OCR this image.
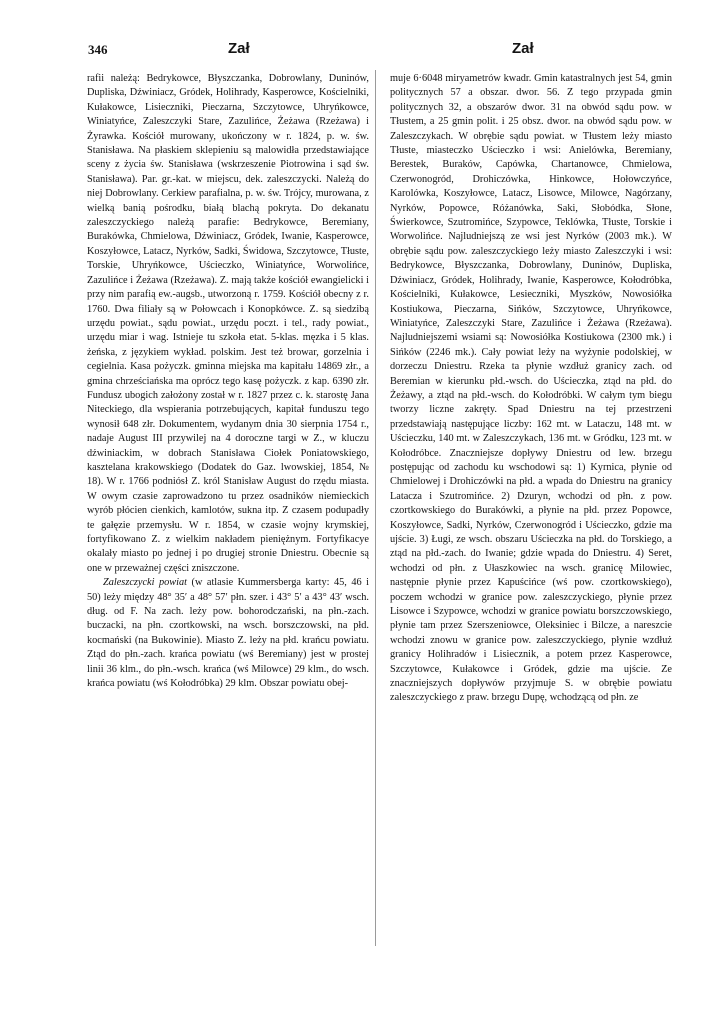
346	Zał	Zał

rafii należą: Bedrykowce, Błyszczanka, Dobrowlany, Duninów, Dupliska, Dźwiniacz, Gródek, Holihrady, Kasperowce, Kościelniki, Kułakowce, Lisieczniki, Pieczarna, Szczytowce, Uhryńkowce, Winiatyńce, Zaleszczyki Stare, Zazulińce, Żeżawa (Rzeżawa) i Żyrawka. Kościół murowany, ukończony w r. 1824, p. w. św. Stanisława. Na płaskiem sklepieniu są malowidła przedstawiające sceny z życia św. Stanisława (wskrzeszenie Piotrowina i sąd św. Stanisława). Par. gr.-kat. w miejscu, dek. zaleszczycki. Należą do niej Dobrowlany. Cerkiew parafialna, p. w. św. Trójcy, murowana, z wielką banią pośrodku, białą blachą pokryta. Do dekanatu zaleszczyckiego należą parafie: Bedrykowce, Beremiany, Burakówka, Chmielowa, Dźwiniacz, Gródek, Iwanie, Kasperowce, Koszyłowce, Latacz, Nyrków, Sadki, Świdowa, Szczytowce, Tłuste, Torskie, Uhryńkowce, Uścieczko, Winiatyńce, Worwolińce, Zazulińce i Żeżawa (Rzeżawa). Z. mają także kościół ewangielicki i przy nim parafią ew.-augsb., utworzoną r. 1759. Kościół obecny z r. 1760. Dwa filiały są w Połowcach i Konopkówce. Z. są siedzibą urzędu powiat., sądu powiat., urzędu poczt. i tel., rady powiat., urzędu miar i wag. Istnieje tu szkoła etat. 5-klas. męzka i 5 klas. żeńska, z językiem wykład. polskim. Jest też browar, gorzelnia i cegielnia. Kasa pożyczk. gminna miejska ma kapitału 14869 złr., a gmina chrześciańska ma oprócz tego kasę pożyczk. z kap. 6390 złr. Fundusz ubogich założony został w r. 1827 przez c. k. starostę Jana Niteckiego, dla wspierania potrzebujących, kapitał funduszu tego wynosił 648 złr. Dokumentem, wydanym dnia 30 sierpnia 1754 r., nadaje August III przywilej na 4 doroczne targi w Z., w kluczu dźwiniackim, w dobrach Stanisława Ciołek Poniatowskiego, kasztelana krakowskiego (Dodatek do Gaz. lwowskiej, 1854, № 18). W r. 1766 podniósł Z. król Stanisław August do rzędu miasta. W owym czasie zaprowadzono tu przez osadników niemieckich wyrób płócien cienkich, kamlotów, sukna itp. Z czasem podupadły te gałęzie przemysłu. W r. 1854, w czasie wojny krymskiej, fortyfikowano Z. z wielkim nakładem pieniężnym. Fortyfikacye okalały miasto po jednej i po drugiej stronie Dniestru. Obecnie są one w przeważnej części zniszczone.

Zaleszczycki powiat (w atlasie Kummersberga karty: 45, 46 i 50) leży między 48° 35′ a 48° 57′ płn. szer. i 43° 5′ a 43° 43′ wsch. dług. od F. Na zach. leży pow. bohorodczański, na płn.-zach. buczacki, na płn. czortkowski, na wsch. borszczowski, na płd. kocmański (na Bukowinie). Miasto Z. leży na płd. krańcu powiatu. Ztąd do płn.-zach. krańca powiatu (wś Beremiany) jest w prostej linii 36 klm., do płn.-wsch. krańca (wś Milowce) 29 klm., do wsch. krańca powiatu (wś Kołodróbka) 29 klm. Obszar powiatu obej-

muje 6·6048 miryametrów kwadr. Gmin katastralnych jest 54, gmin politycznych 57 a obszar. dwor. 56. Z tego przypada gmin politycznych 32, a obszarów dwor. 31 na obwód sądu pow. w Tłustem, a 25 gmin polit. i 25 obsz. dwor. na obwód sądu pow. w Zaleszczykach. W obrębie sądu powiat. w Tłustem leży miasto Tłuste, miasteczko Uścieczko i wsi: Anielówka, Beremiany, Berestek, Buraków, Capówka, Chartanowce, Chmielowa, Czerwonogród, Drohiczówka, Hinkowce, Hołowczyńce, Karolówka, Koszyłowce, Latacz, Lisowce, Milowce, Nagórzany, Nyrków, Popowce, Różanówka, Saki, Słobódka, Słone, Świerkowce, Szutromińce, Szypowce, Teklówka, Tłuste, Torskie i Worwolińce. Najludniejszą ze wsi jest Nyrków (2003 mk.). W obrębie sądu pow. zaleszczyckiego leży miasto Zaleszczyki i wsi: Bedrykowce, Błyszczanka, Dobrowlany, Duninów, Dupliska, Dźwiniacz, Gródek, Holihrady, Iwanie, Kasperowce, Kołodróbka, Kościelniki, Kułakowce, Lesieczniki, Myszków, Nowosiółka Kostiukowa, Pieczarna, Sińków, Szczytowce, Uhryńkowce, Winiatyńce, Zaleszczyki Stare, Zazulińce i Żeżawa (Rzeżawa). Najludniejszemi wsiami są: Nowosiółka Kostiukowa (2300 mk.) i Sińków (2246 mk.). Cały powiat leży na wyżynie podolskiej, w dorzeczu Dniestru. Rzeka ta płynie wzdłuż granicy zach. od Beremian w kierunku płd.-wsch. do Uścieczka, ztąd na płd. do Żeżawy, a ztąd na płd.-wsch. do Kołodróbki. W całym tym biegu tworzy liczne zakręty. Spad Dniestru na tej przestrzeni przedstawiają następujące liczby: 162 mt. w Lataczu, 148 mt. w Uścieczku, 140 mt. w Zaleszczykach, 136 mt. w Gródku, 123 mt. w Kołodróbce. Znaczniejsze dopływy Dniestru od lew. brzegu postępując od zachodu ku wschodowi są: 1) Kyrnica, płynie od Chmielowej i Drohiczówki na płd. a wpada do Dniestru na granicy Latacza i Szutromińce. 2) Dzuryn, wchodzi od płn. z pow. czortkowskiego do Burakówki, a płynie na płd. przez Popowce, Koszyłowce, Sadki, Nyrków, Czerwonogród i Uścieczko, gdzie ma ujście. 3) Ługi, ze wsch. obszaru Uścieczka na płd. do Torskiego, a ztąd na płd.-zach. do Iwanie; gdzie wpada do Dniestru. 4) Seret, wchodzi od płn. z Ułaszkowiec na wsch. granicę Milowiec, następnie płynie przez Kapuścińce (wś pow. czortkowskiego), poczem wchodzi w granice pow. zaleszczyckiego, płynie przez Lisowce i Szypowce, wchodzi w granice powiatu borszczowskiego, płynie tam przez Szerszeniowce, Oleksiniec i Bilcze, a nareszcie wchodzi znowu w granice pow. zaleszczyckiego, płynie wzdłuż granicy Holihradów i Lisiecznik, a potem przez Kasperowce, Szczytowce, Kułakowce i Gródek, gdzie ma ujście. Ze znaczniejszych dopływów przyjmuje S. w obrębie powiatu zaleszczyckiego z praw. brzegu Dupę, wchodzącą od płn. ze
